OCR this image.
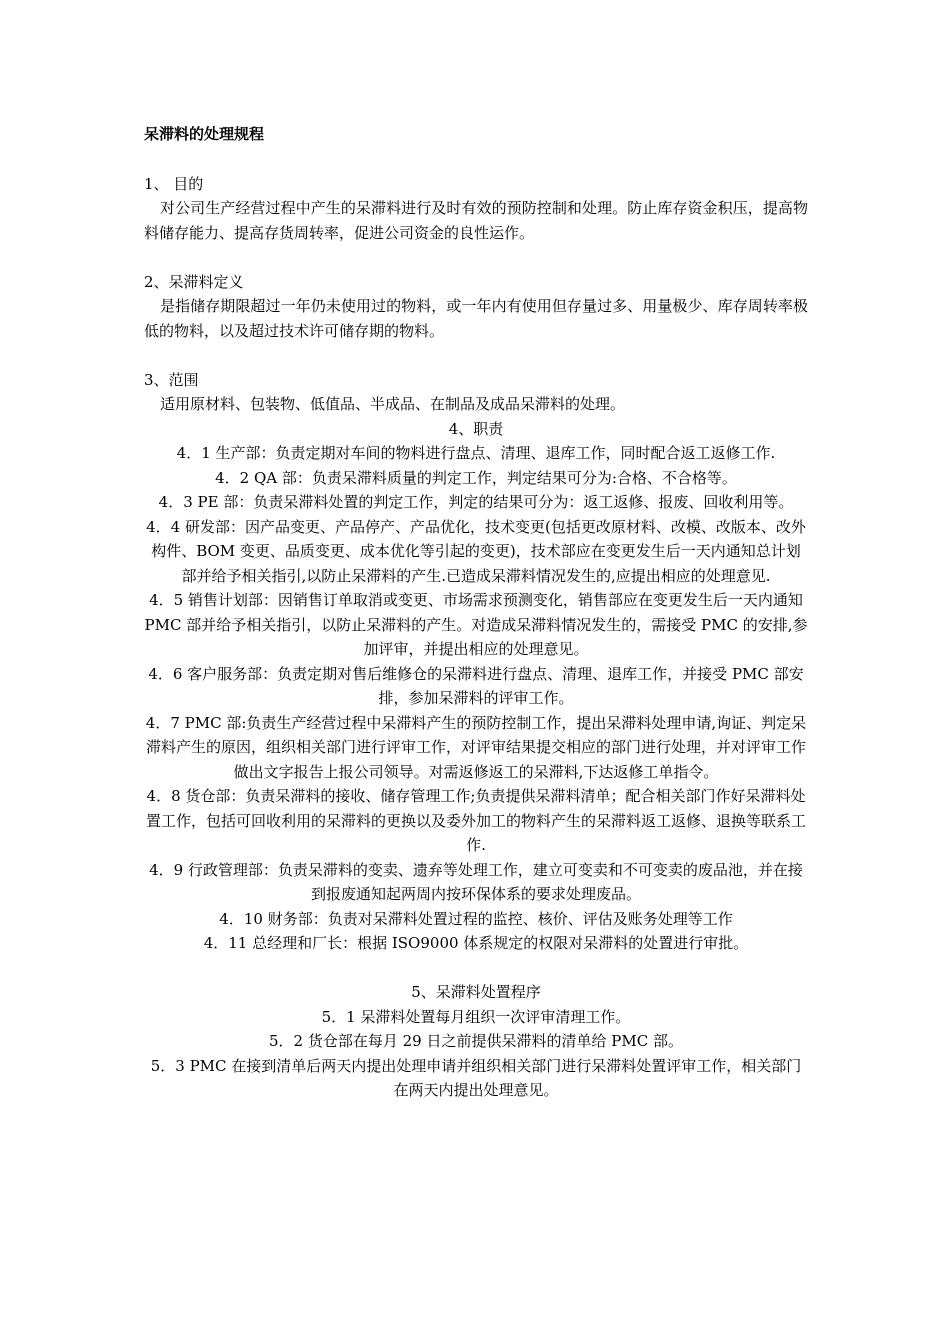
呆滞料的处理规程

1、 目的

对公司生产经营过程中产生的呆滞料进行及时有效的预防控制和处理。防止库存资金积压，提高物料储存能力、提高存货周转率，促进公司资金的良性运作。

2、呆滞料定义

是指储存期限超过一年仍未使用过的物料，或一年内有使用但存量过多、用量极少、库存周转率极低的物料，以及超过技术许可储存期的物料。

3、范围

适用原材料、包装物、低值品、半成品、在制品及成品呆滞料的处理。

4、职责

4．1 生产部：负责定期对车间的物料进行盘点、清理、退库工作，同时配合返工返修工作.

4．2 QA 部：负责呆滞料质量的判定工作，判定结果可分为:合格、不合格等。

4．3 PE 部：负责呆滞料处置的判定工作，判定的结果可分为：返工返修、报废、回收利用等。

4．4 研发部：因产品变更、产品停产、产品优化，技术变更(包括更改原材料、改模、改版本、改外构件、BOM 变更、品质变更、成本优化等引起的变更)，技术部应在变更发生后一天内通知总计划部并给予相关指引,以防止呆滞料的产生.已造成呆滞料情况发生的,应提出相应的处理意见.

4．5 销售计划部：因销售订单取消或变更、市场需求预测变化，销售部应在变更发生后一天内通知 PMC 部并给予相关指引，以防止呆滞料的产生。对造成呆滞料情况发生的，需接受 PMC 的安排,参加评审，并提出相应的处理意见。

4．6 客户服务部：负责定期对售后维修仓的呆滞料进行盘点、清理、退库工作，并接受 PMC 部安排，参加呆滞料的评审工作。

4．7 PMC 部:负责生产经营过程中呆滞料产生的预防控制工作，提出呆滞料处理申请,询证、判定呆滞料产生的原因，组织相关部门进行评审工作，对评审结果提交相应的部门进行处理，并对评审工作做出文字报告上报公司领导。对需返修返工的呆滞料,下达返修工单指令。

4．8 货仓部：负责呆滞料的接收、储存管理工作;负责提供呆滞料清单；配合相关部门作好呆滞料处置工作，包括可回收利用的呆滞料的更换以及委外加工的物料产生的呆滞料返工返修、退换等联系工作.

4．9 行政管理部：负责呆滞料的变卖、遗弃等处理工作，建立可变卖和不可变卖的废品池，并在接到报废通知起两周内按环保体系的要求处理废品。

4．10 财务部：负责对呆滞料处置过程的监控、核价、评估及账务处理等工作

4．11 总经理和厂长：根据 ISO9000 体系规定的权限对呆滞料的处置进行审批。

5、呆滞料处置程序

5．1 呆滞料处置每月组织一次评审清理工作。

5．2 货仓部在每月 29 日之前提供呆滞料的清单给 PMC 部。

5．3 PMC 在接到清单后两天内提出处理申请并组织相关部门进行呆滞料处置评审工作，相关部门在两天内提出处理意见。
